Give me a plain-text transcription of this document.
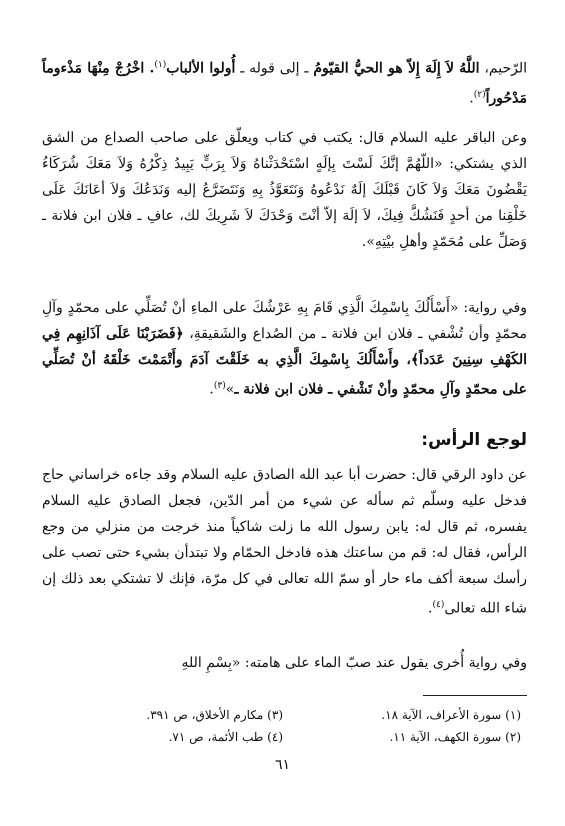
الرّحيم، اللَّهُ لاَ إِلَهَ إِلاّ هو الحيُّ القيّومُ ـ إلى قوله ـ أُولوا الألباب$^{(١)}$. اخْرُجْ مِنْهَا مَذْءوماً مَدْحُوراً$^{(٢)}$.

وعن الباقر عليه السلام قال: يكتب في كتاب ويعلّق على صاحب الصداع من الشق الذي يشتكي: «اللّهُمَّ إنَّكَ لَسْتَ بِإلَهٍ اسْتَحْدَثْناهُ وَلاَ بِرَبٍّ يَبِيدُ ذِكْرُهُ وَلاَ مَعَكَ شُرَكَاءُ يَقْضُونَ مَعَكَ وَلاَ كَانَ قَبْلَكَ إلَهٌ نَدْعُوهُ وَنَتَعَوَّذُ بِهِ وَنَتَضَرَّعُ إليه وَنَدَعُكَ وَلاَ أعَانَكَ عَلَى خَلْقِنا من أحدٍ فَنَشُكَّ فِيكَ، لاَ إلَهَ إلاّ أنْتَ وَحْدَكَ لاَ شَرِيكَ لك، عافِ ـ فلان ابن فلانة ـ وَصَلِّ على مُحَمّدٍ وأهلِ بيْتِهِ».

وفي رواية: «أَسْأَلُكَ بِاسْمِكَ الَّذِي قَامَ بِهِ عَرْشُكَ على الماءِ أنْ تُصَلِّي على محمّدٍ وآلِ محمّدٍ وأن تُشْفي ـ فلان ابن فلانة ـ من الصُداع والشَقيقةِ، ﴿فَضَرَبْنَا عَلَى آذَانِهِم فِي الكَهْفِ سِنِينَ عَدَداً﴾، وأَسْأَلُكَ بِاسْمِكَ الَّذِي به خَلَقْتَ آدَمَ وأَتْمَمْتَ خَلْقَهُ أنْ تُصَلِّي على محمّدٍ وآلِ محمّدٍ وأنْ تَشْفي ـ فلان ابن فلانة ـ»$^{(٣)}$.

لوجع الرأس:

عن داود الرقي قال: حضرت أبا عبد الله الصادق عليه السلام وقد جاءه خراساني حاج فدخل عليه وسلّم ثم سأله عن شيء من أمر الدّين، فجعل الصادق عليه السلام يفسره، ثم قال له: يابن رسول الله ما زلت شاكياً منذ خرجت من منزلي من وجع الرأس، فقال له: قم من ساعتك هذه فادخل الحمّام ولا تبتدأن بشيء حتى تصب على رأسك سبعة أكف ماء حار أو سمّ الله تعالى في كل مرّة، فإنك لا تشتكي بعد ذلك إن شاء الله تعالى$^{(٤)}$.

وفي رواية أُخرى يقول عند صبّ الماء على هامته: «بِسْمِ اللهِ

(١) سورة الأعراف، الآية ١٨.
(٢) سورة الكهف، الآية ١١.
(٣) مكارم الأخلاق، ص ٣٩١.
(٤) طب الأئمة، ص ٧١.
٦١
